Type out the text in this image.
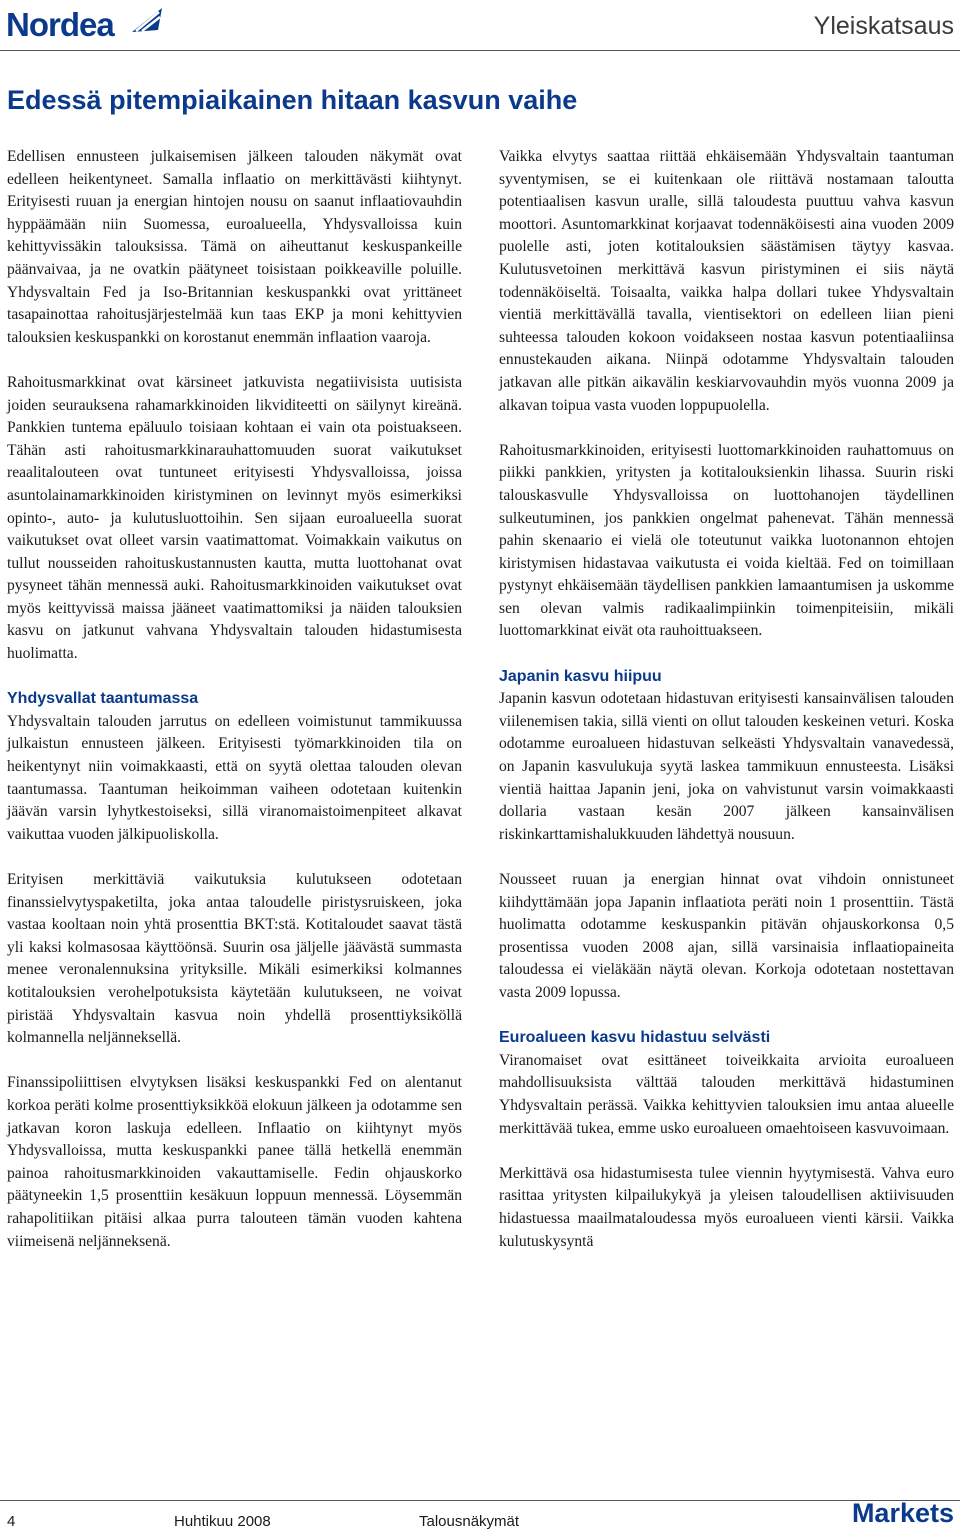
Nordea	Yleiskatsaus
Edessä pitempiaikainen hitaan kasvun vaihe

Edellisen ennusteen julkaisemisen jälkeen talouden näkymät ovat edelleen heikentyneet. Samalla inflaatio on merkittävästi kiihtynyt. Erityisesti ruuan ja energian hintojen nousu on saanut inflaatiovauhdin hyppäämään niin Suomessa, euroalueella, Yhdysvalloissa kuin kehittyvissäkin talouksissa. Tämä on aiheuttanut keskuspankeille päänvaivaa, ja ne ovatkin päätyneet toisistaan poikkeaville poluille. Yhdysvaltain Fed ja Iso-Britannian keskuspankki ovat yrittäneet tasapainottaa rahoitusjärjestelmää kun taas EKP ja moni kehittyvien talouksien keskuspankki on korostanut enemmän inflaation vaaroja.

Rahoitusmarkkinat ovat kärsineet jatkuvista negatiivisista uutisista joiden seurauksena rahamarkkinoiden likviditeetti on säilynyt kireänä. Pankkien tuntema epäluulo toisiaan kohtaan ei vain ota poistuakseen. Tähän asti rahoitusmarkkinarauhattomuuden suorat vaikutukset reaalitalouteen ovat tuntuneet erityisesti Yhdysvalloissa, joissa asuntolainamarkkinoiden kiristyminen on levinnyt myös esimerkiksi opinto-, auto- ja kulutusluottoihin. Sen sijaan euroalueella suorat vaikutukset ovat olleet varsin vaatimattomat. Voimakkain vaikutus on tullut nousseiden rahoituskustannusten kautta, mutta luottohanat ovat pysyneet tähän mennessä auki. Rahoitusmarkkinoiden vaikutukset ovat myös keittyvissä maissa jääneet vaatimattomiksi ja näiden talouksien kasvu on jatkunut vahvana Yhdysvaltain talouden hidastumisesta huolimatta.

Yhdysvallat taantumassa

Yhdysvaltain talouden jarrutus on edelleen voimistunut tammikuussa julkaistun ennusteen jälkeen. Erityisesti työmarkkinoiden tila on heikentynyt niin voimakkaasti, että on syytä olettaa talouden olevan taantumassa. Taantuman heikoimman vaiheen odotetaan kuitenkin jäävän varsin lyhytkestoiseksi, sillä viranomaistoimenpiteet alkavat vaikuttaa vuoden jälkipuoliskolla.

Erityisen merkittäviä vaikutuksia kulutukseen odotetaan finanssielvytyspaketilta, joka antaa taloudelle piristysruiskeen, joka vastaa kooltaan noin yhtä prosenttia BKT:stä. Kotitaloudet saavat tästä yli kaksi kolmasosaa käyttöönsä. Suurin osa jäljelle jäävästä summasta menee veronalennuksina yrityksille. Mikäli esimerkiksi kolmannes kotitalouksien verohelpotuksista käytetään kulutukseen, ne voivat piristää Yhdysvaltain kasvua noin yhdellä prosenttiyksiköllä kolmannella neljänneksellä.

Finanssipoliittisen elvytyksen lisäksi keskuspankki Fed on alentanut korkoa peräti kolme prosenttiyksikköä elokuun jälkeen ja odotamme sen jatkavan koron laskuja edelleen. Inflaatio on kiihtynyt myös Yhdysvalloissa, mutta keskuspankki panee tällä hetkellä enemmän painoa rahoitusmarkkinoiden vakauttamiselle. Fedin ohjauskorko päätyneekin 1,5 prosenttiin kesäkuun loppuun mennessä. Löysemmän rahapolitiikan pitäisi alkaa purra talouteen tämän vuoden kahtena viimeisenä neljänneksenä.

Vaikka elvytys saattaa riittää ehkäisemään Yhdysvaltain taantuman syventymisen, se ei kuitenkaan ole riittävä nostamaan taloutta potentiaalisen kasvun uralle, sillä taloudesta puuttuu vahva kasvun moottori. Asuntomarkkinat korjaavat todennäköisesti aina vuoden 2009 puolelle asti, joten kotitalouksien säästämisen täytyy kasvaa. Kulutusvetoinen merkittävä kasvun piristyminen ei siis näytä todennäköiseltä. Toisaalta, vaikka halpa dollari tukee Yhdysvaltain vientiä merkittävällä tavalla, vientisektori on edelleen liian pieni suhteessa talouden kokoon voidakseen nostaa kasvun potentiaaliinsa ennustekauden aikana. Niinpä odotamme Yhdysvaltain talouden jatkavan alle pitkän aikavälin keskiarvovauhdin myös vuonna 2009 ja alkavan toipua vasta vuoden loppupuolella.

Rahoitusmarkkinoiden, erityisesti luottomarkkinoiden rauhattomuus on piikki pankkien, yritysten ja kotitalouksienkin lihassa. Suurin riski talouskasvulle Yhdysvalloissa on luottohanojen täydellinen sulkeutuminen, jos pankkien ongelmat pahenevat. Tähän mennessä pahin skenaario ei vielä ole toteutunut vaikka luotonannon ehtojen kiristymisen hidastavaa vaikutusta ei voida kieltää. Fed on toimillaan pystynyt ehkäisemään täydellisen pankkien lamaantumisen ja uskomme sen olevan valmis radikaalimpiinkin toimenpiteisiin, mikäli luottomarkkinat eivät ota rauhoittuakseen.

Japanin kasvu hiipuu

Japanin kasvun odotetaan hidastuvan erityisesti kansainvälisen talouden viilenemisen takia, sillä vienti on ollut talouden keskeinen veturi. Koska odotamme euroalueen hidastuvan selkeästi Yhdysvaltain vanavedessä, on Japanin kasvulukuja syytä laskea tammikuun ennusteesta. Lisäksi vientiä haittaa Japanin jeni, joka on vahvistunut varsin voimakkaasti dollaria vastaan kesän 2007 jälkeen kansainvälisen riskinkarttamishalukkuuden lähdettyä nousuun.

Nousseet ruuan ja energian hinnat ovat vihdoin onnistuneet kiihdyttämään jopa Japanin inflaatiota peräti noin 1 prosenttiin. Tästä huolimatta odotamme keskuspankin pitävän ohjauskorkonsa 0,5 prosentissa vuoden 2008 ajan, sillä varsinaisia inflaatiopaineita taloudessa ei vieläkään näytä olevan. Korkoja odotetaan nostettavan vasta 2009 lopussa.

Euroalueen kasvu hidastuu selvästi

Viranomaiset ovat esittäneet toiveikkaita arvioita euroalueen mahdollisuuksista välttää talouden merkittävä hidastuminen Yhdysvaltain perässä. Vaikka kehittyvien talouksien imu antaa alueelle merkittävää tukea, emme usko euroalueen omaehtoiseen kasvuvoimaan.

Merkittävä osa hidastumisesta tulee viennin hyytymisestä. Vahva euro rasittaa yritysten kilpailukykyä ja yleisen taloudellisen aktiivisuuden hidastuessa maailmataloudessa myös euroalueen vienti kärsii. Vaikka kulutuskysyntä

4	Huhtikuu 2008	Talousnäkymät	Markets
